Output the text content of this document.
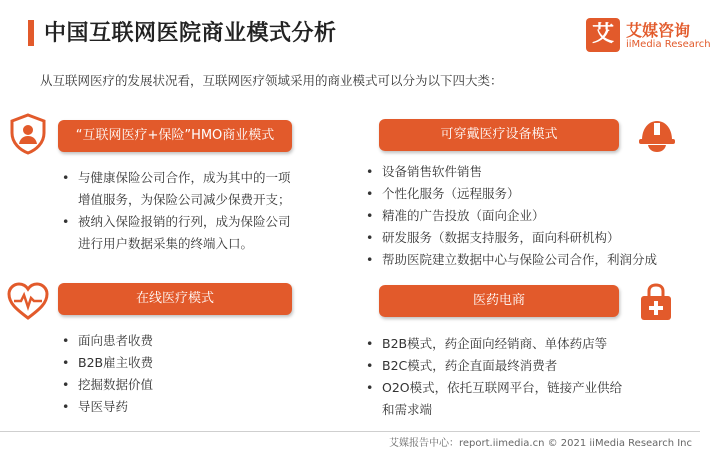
中国互联网医院商业模式分析	艾 艾媒咨询
iiMedia Research
从互联网医疗的发展状况看，互联网医疗领域采用的商业模式可以分为以下四大类：
“互联网医疗+保险”HMO商业模式
• 与健康保险公司合作，成为其中的一项
增值服务，为保险公司减少保费开支；
• 被纳入保险报销的行列，成为保险公司
进行用户数据采集的终端入口。
可穿戴医疗设备模式
• 设备销售软件销售
• 个性化服务（远程服务）
• 精准的广告投放（面向企业）
• 研发服务（数据支持服务，面向科研机构）
• 帮助医院建立数据中心与保险公司合作，利润分成
在线医疗模式
• 面向患者收费
• B2B雇主收费
• 挖掘数据价值
• 导医导药
医药电商
• B2B模式，药企面向经销商、单体药店等
• B2C模式，药企直面最终消费者
• O2O模式，依托互联网平台，链接产业供给
和需求端
艾媒报告中心：report.iimedia.cn © 2021 iiMedia Research Inc
